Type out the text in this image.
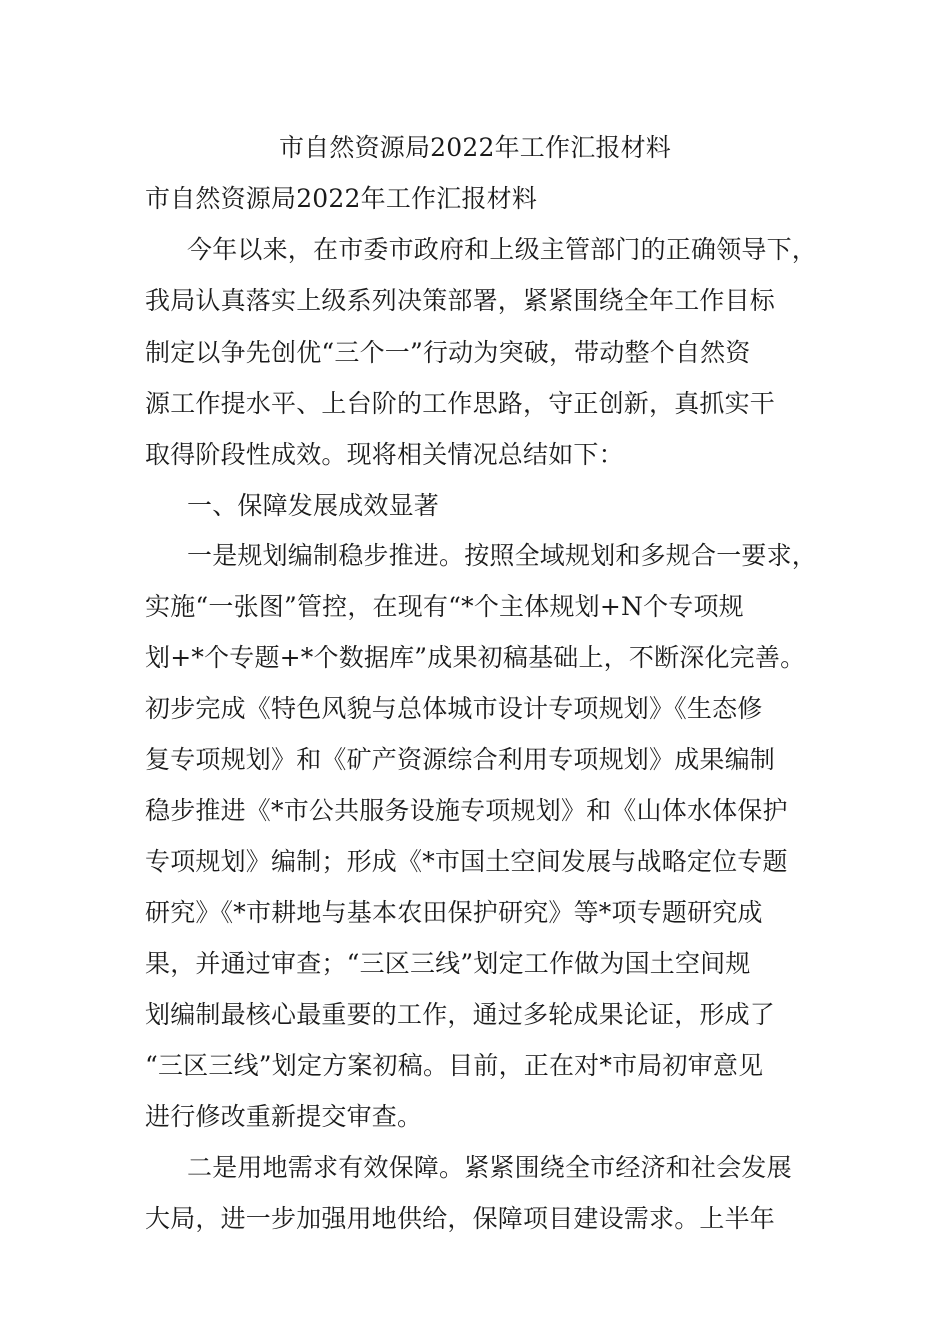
市自然资源局2022年工作汇报材料
市自然资源局2022年工作汇报材料
今年以来，在市委市政府和上级主管部门的正确领导下，
我局认真落实上级系列决策部署，紧紧围绕全年工作目标
制定以争先创优“三个一”行动为突破，带动整个自然资
源工作提水平、上台阶的工作思路，守正创新，真抓实干
取得阶段性成效。现将相关情况总结如下：
一、保障发展成效显著
一是规划编制稳步推进。按照全域规划和多规合一要求，
实施“一张图”管控，在现有“*个主体规划+N个专项规
划+*个专题+*个数据库”成果初稿基础上，不断深化完善。
初步完成《特色风貌与总体城市设计专项规划》《生态修
复专项规划》和《矿产资源综合利用专项规划》成果编制
稳步推进《*市公共服务设施专项规划》和《山体水体保护
专项规划》编制；形成《*市国土空间发展与战略定位专题
研究》《*市耕地与基本农田保护研究》等*项专题研究成
果，并通过审查；“三区三线”划定工作做为国土空间规
划编制最核心最重要的工作，通过多轮成果论证，形成了
“三区三线”划定方案初稿。目前，正在对*市局初审意见
进行修改重新提交审查。
二是用地需求有效保障。紧紧围绕全市经济和社会发展
大局，进一步加强用地供给，保障项目建设需求。上半年
